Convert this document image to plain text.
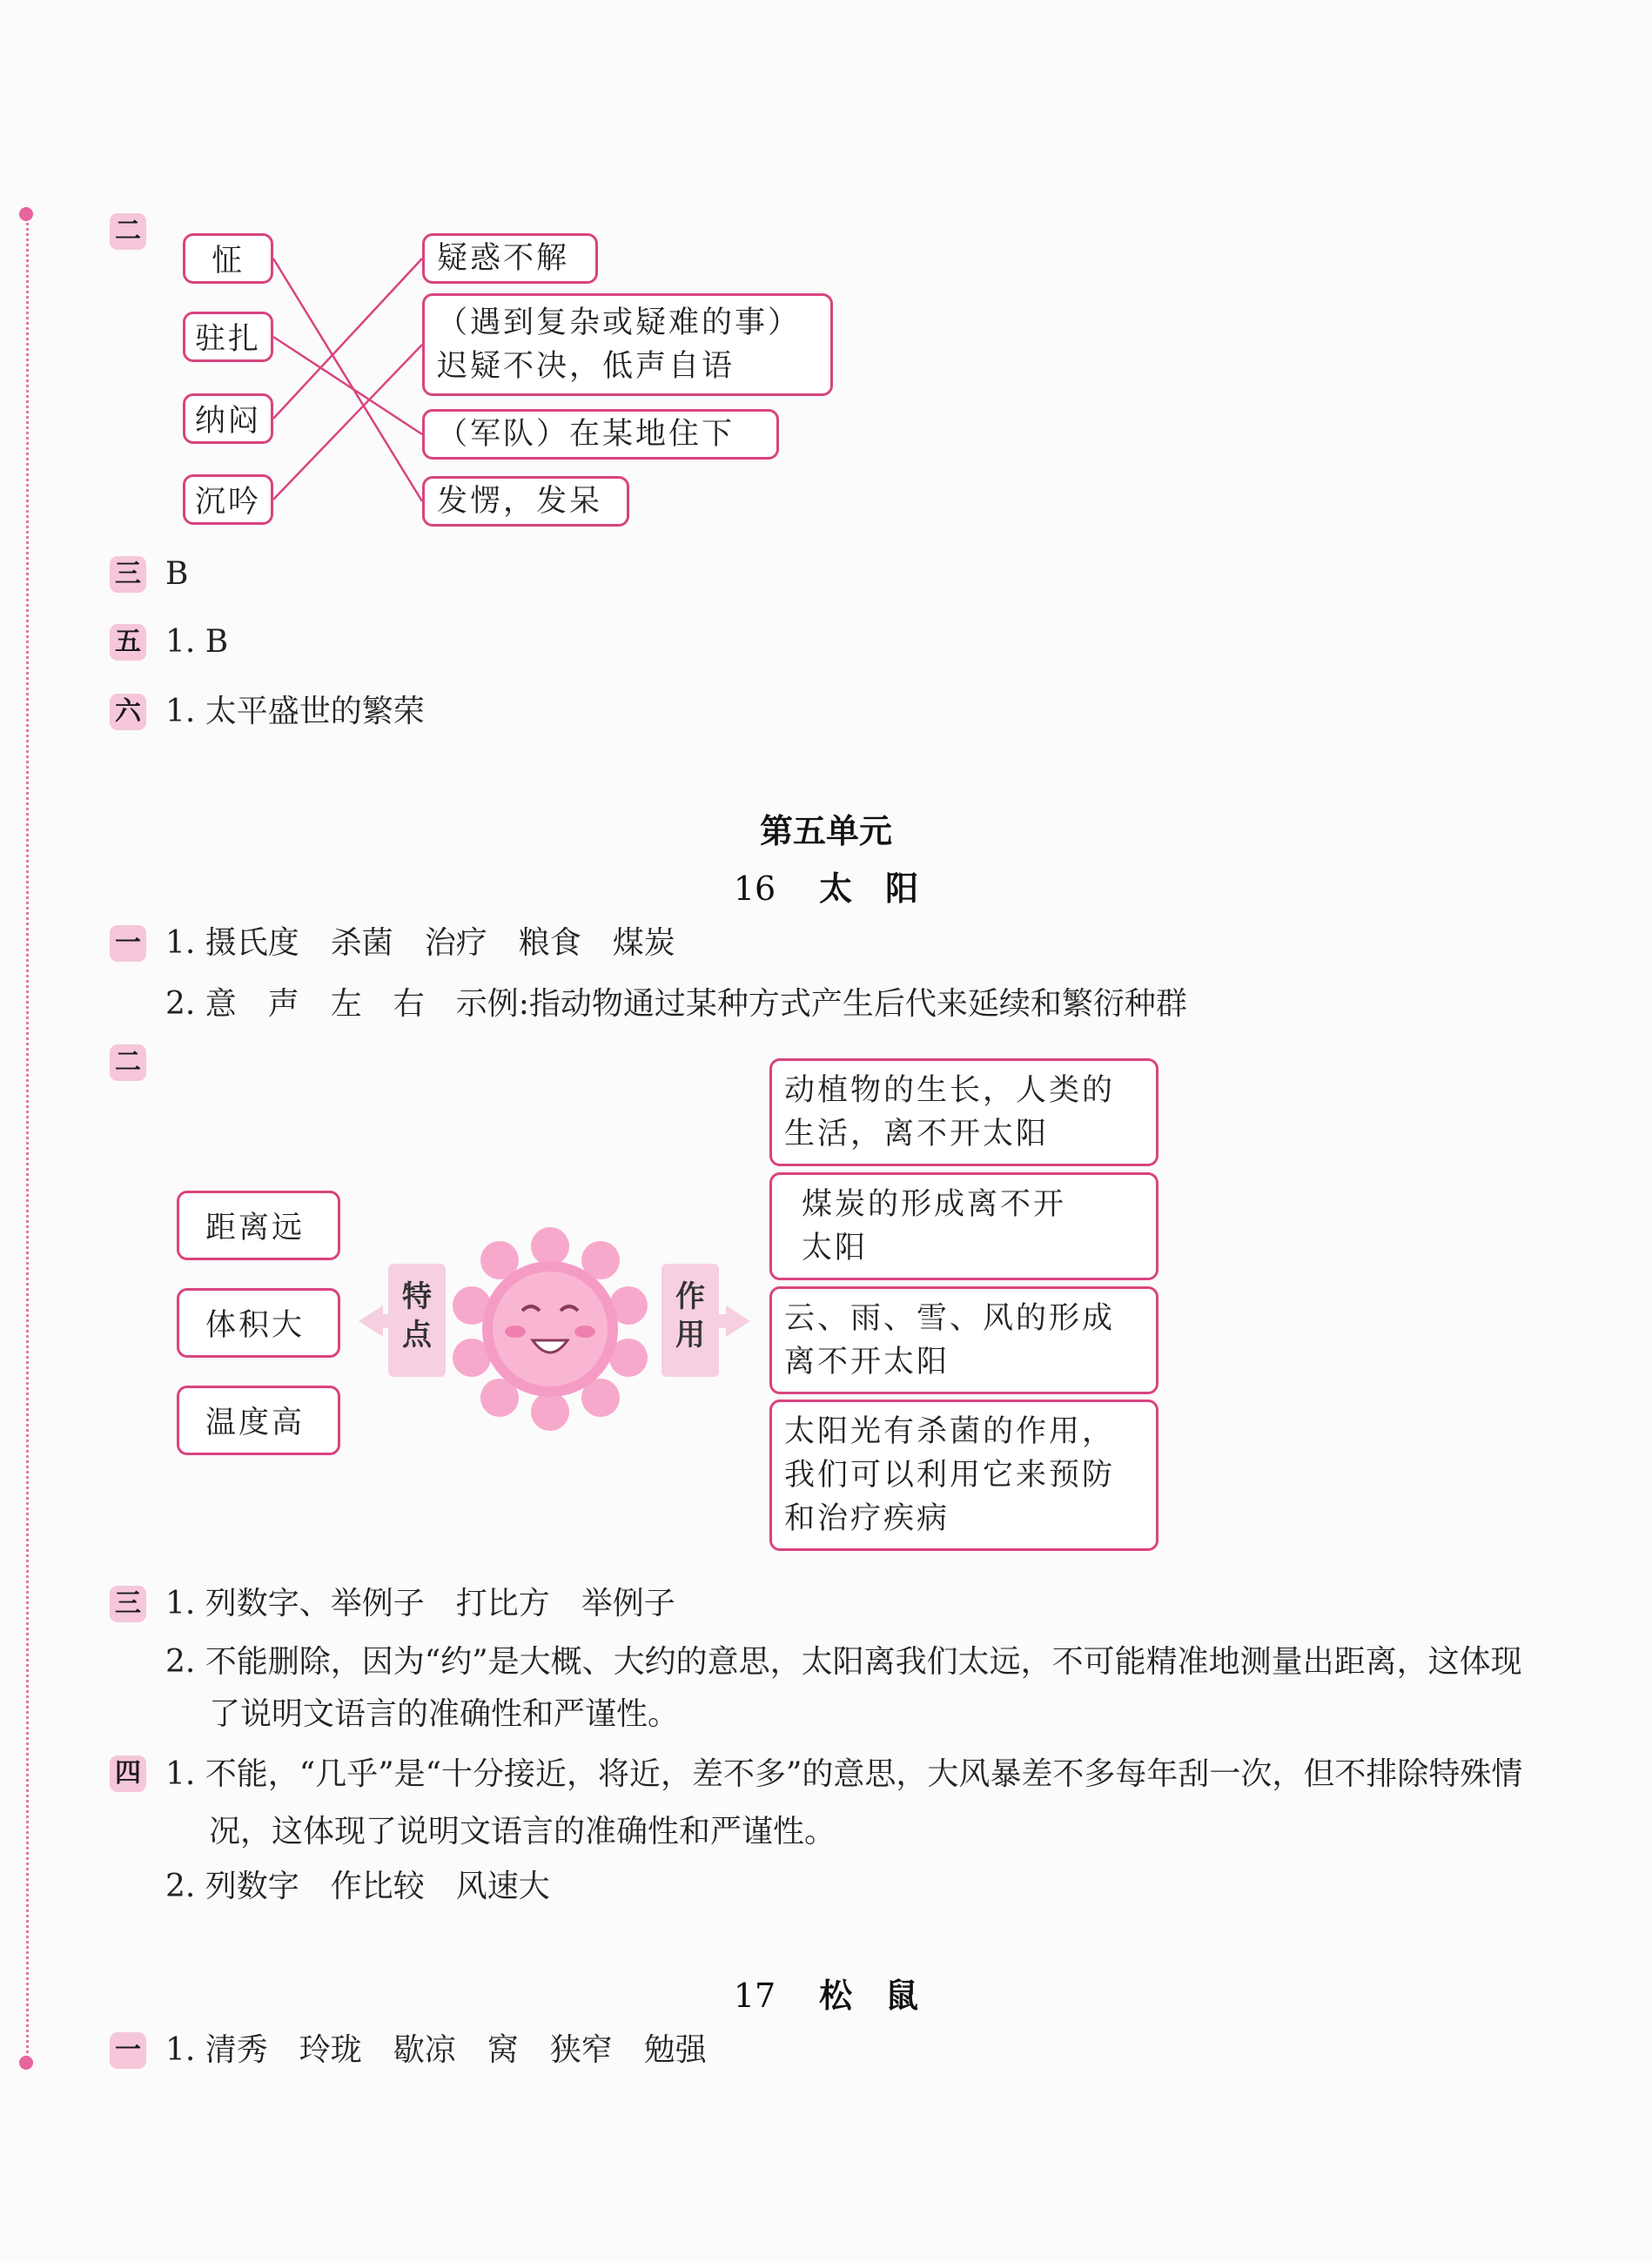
二
怔
驻扎
纳闷
沉吟
疑惑不解
（遇到复杂或疑难的事）
迟疑不决，低声自语
（军队）在某地住下
发愣，发呆
三 B
五 1. B
六 1. 太平盛世的繁荣
第五单元
16 太　阳
一 1. 摄氏度　杀菌　治疗　粮食　煤炭
2. 意　声　左　右　示例:指动物通过某种方式产生后代来延续和繁衍种群
二
距离远
体积大
温度高
特
点
作
用
动植物的生长，人类的
生活，离不开太阳
煤炭的形成离不开
太阳
云、雨、雪、风的形成
离不开太阳
太阳光有杀菌的作用，
我们可以利用它来预防
和治疗疾病
三 1. 列数字、举例子　打比方　举例子
2. 不能删除，因为“约”是大概、大约的意思，太阳离我们太远，不可能精准地测量出距离，这体现了说明文语言的准确性和严谨性。
四 1. 不能，“几乎”是“十分接近，将近，差不多”的意思，大风暴差不多每年刮一次，但不排除特殊情况，这体现了说明文语言的准确性和严谨性。
2. 列数字　作比较　风速大
17 松　鼠
一 1. 清秀　玲珑　歇凉　窝　狭窄　勉强
